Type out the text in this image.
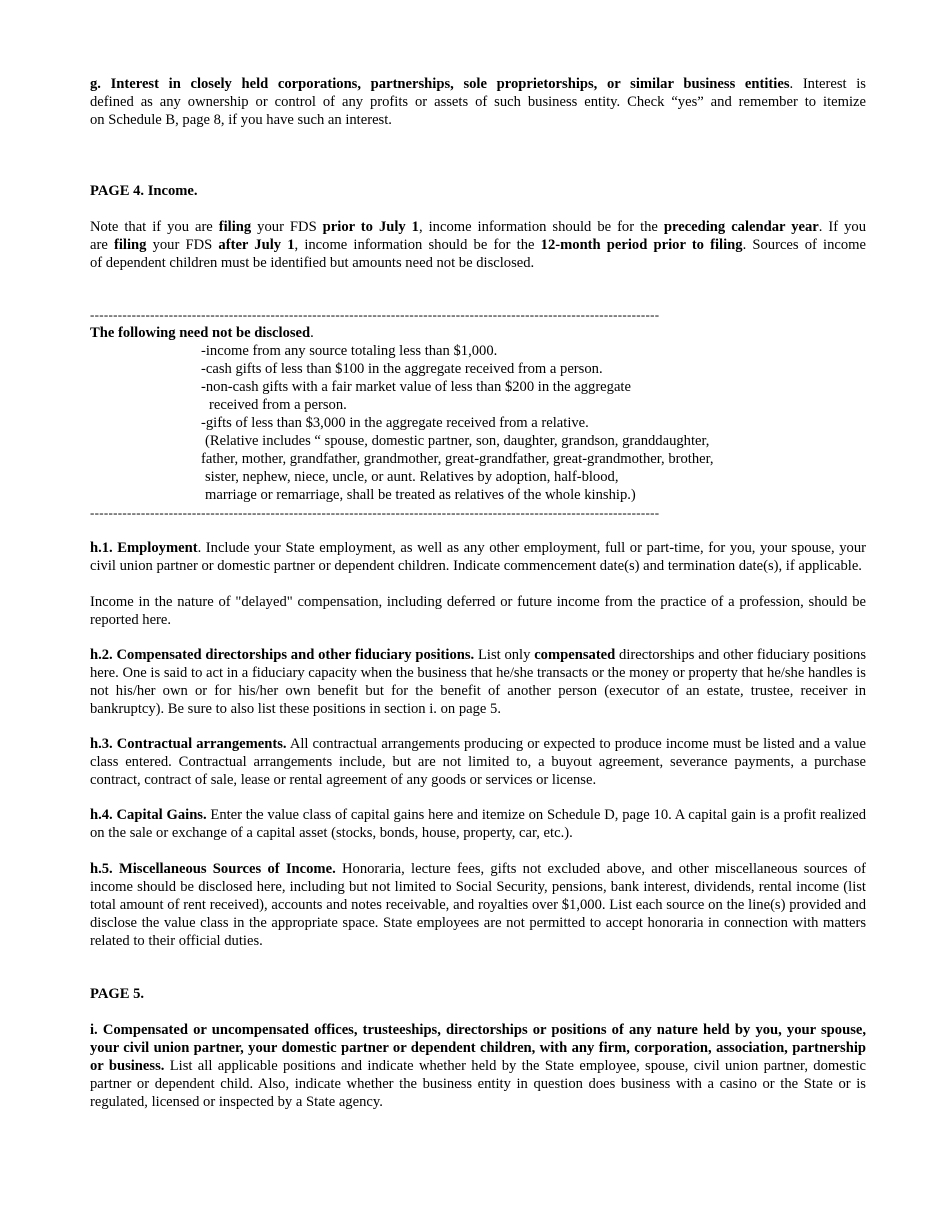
g. Interest in closely held corporations, partnerships, sole proprietorships, or similar business entities. Interest is
defined as any ownership or control of any profits or assets of such business entity. Check “yes” and remember to itemize
on Schedule B, page 8, if you have such an interest.
PAGE 4. Income.
Note that if you are filing your FDS prior to July 1, income information should be for the preceding calendar year. If you
are filing your FDS after July 1, income information should be for the 12-month period prior to filing. Sources of income
of dependent children must be identified but amounts need not be disclosed.
---------------------------------------------------------------------------------------------------------------------------
The following need not be disclosed.
-income from any source totaling less than $1,000.
-cash gifts of less than $100 in the aggregate received from a person.
-non-cash gifts with a fair market value of less than $200 in the aggregate
received from a person.
-gifts of less than $3,000 in the aggregate received from a relative.
(Relative includes “ spouse, domestic partner, son, daughter, grandson, granddaughter,
father, mother, grandfather, grandmother, great-grandfather, great-grandmother, brother,
sister, nephew, niece, uncle, or aunt. Relatives by adoption, half-blood,
marriage or remarriage, shall be treated as relatives of the whole kinship.)
---------------------------------------------------------------------------------------------------------------------------
h.1. Employment. Include your State employment, as well as any other employment, full or part-time, for you, your spouse, your civil union partner or domestic partner or dependent children. Indicate commencement date(s) and termination date(s), if applicable.
Income in the nature of "delayed" compensation, including deferred or future income from the practice of a profession, should be reported here.
h.2. Compensated directorships and other fiduciary positions. List only compensated directorships and other fiduciary positions here. One is said to act in a fiduciary capacity when the business that he/she transacts or the money or property that he/she handles is not his/her own or for his/her own benefit but for the benefit of another person (executor of an estate, trustee, receiver in bankruptcy). Be sure to also list these positions in section i. on page 5.
h.3. Contractual arrangements. All contractual arrangements producing or expected to produce income must be listed and a value class entered. Contractual arrangements include, but are not limited to, a buyout agreement, severance payments, a purchase contract, contract of sale, lease or rental agreement of any goods or services or license.
h.4. Capital Gains. Enter the value class of capital gains here and itemize on Schedule D, page 10. A capital gain is a profit realized on the sale or exchange of a capital asset (stocks, bonds, house, property, car, etc.).
h.5. Miscellaneous Sources of Income. Honoraria, lecture fees, gifts not excluded above, and other miscellaneous sources of income should be disclosed here, including but not limited to Social Security, pensions, bank interest, dividends, rental income (list total amount of rent received), accounts and notes receivable, and royalties over $1,000. List each source on the line(s) provided and disclose the value class in the appropriate space. State employees are not permitted to accept honoraria in connection with matters related to their official duties.
PAGE 5.
i. Compensated or uncompensated offices, trusteeships, directorships or positions of any nature held by you, your spouse, your civil union partner, your domestic partner or dependent children, with any firm, corporation, association, partnership or business. List all applicable positions and indicate whether held by the State employee, spouse, civil union partner, domestic partner or dependent child. Also, indicate whether the business entity in question does business with a casino or the State or is regulated, licensed or inspected by a State agency.
